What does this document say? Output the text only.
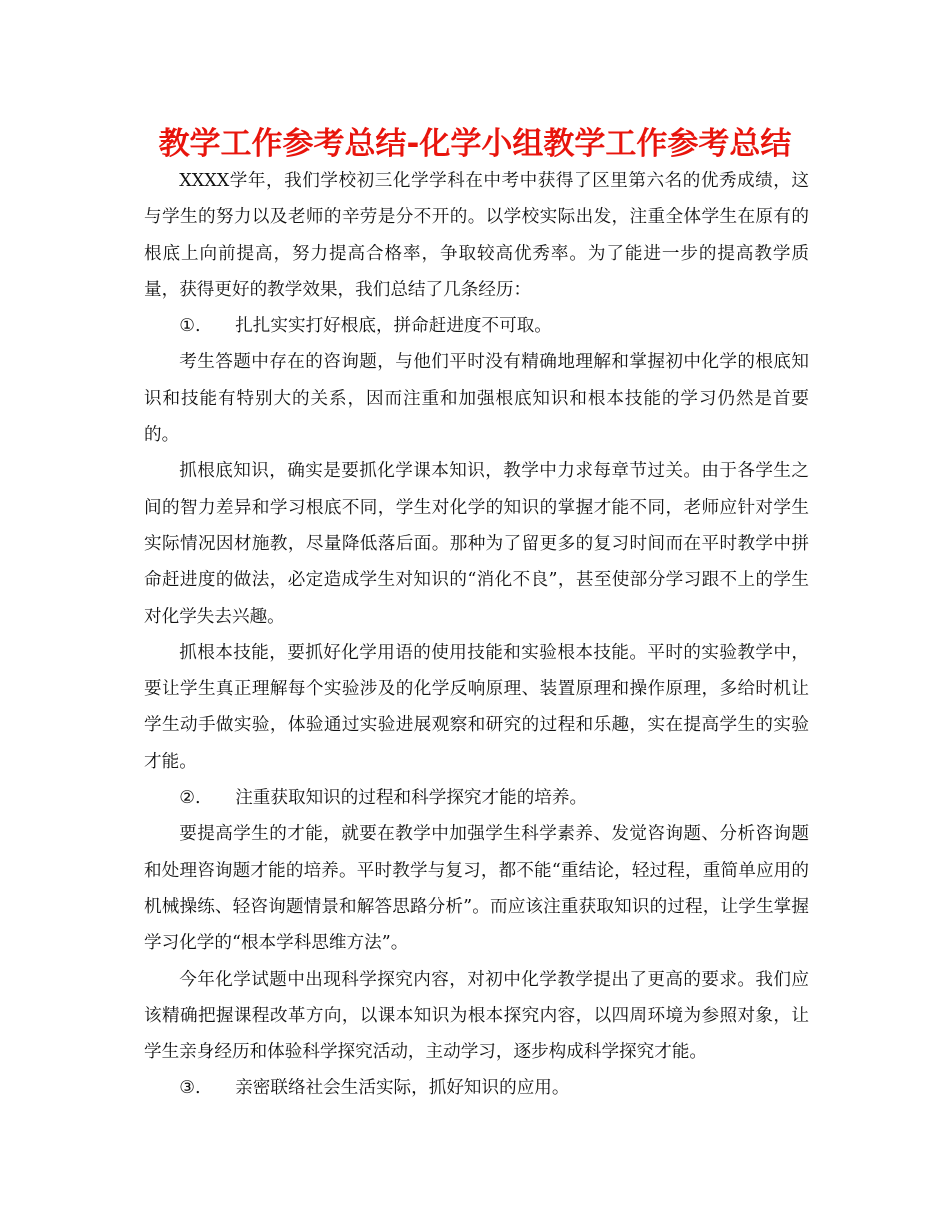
教学工作参考总结-化学小组教学工作参考总结

XXXX学年，我们学校初三化学学科在中考中获得了区里第六名的优秀成绩，这与学生的努力以及老师的辛劳是分不开的。以学校实际出发，注重全体学生在原有的根底上向前提高，努力提高合格率，争取较高优秀率。为了能进一步的提高教学质量，获得更好的教学效果，我们总结了几条经历：

①. 扎扎实实打好根底，拼命赶进度不可取。

考生答题中存在的咨询题，与他们平时没有精确地理解和掌握初中化学的根底知识和技能有特别大的关系，因而注重和加强根底知识和根本技能的学习仍然是首要的。

抓根底知识，确实是要抓化学课本知识，教学中力求每章节过关。由于各学生之间的智力差异和学习根底不同，学生对化学的知识的掌握才能不同，老师应针对学生实际情况因材施教，尽量降低落后面。那种为了留更多的复习时间而在平时教学中拼命赶进度的做法，必定造成学生对知识的“消化不良”，甚至使部分学习跟不上的学生对化学失去兴趣。

抓根本技能，要抓好化学用语的使用技能和实验根本技能。平时的实验教学中，要让学生真正理解每个实验涉及的化学反响原理、装置原理和操作原理，多给时机让学生动手做实验，体验通过实验进展观察和研究的过程和乐趣，实在提高学生的实验才能。

②. 注重获取知识的过程和科学探究才能的培养。

要提高学生的才能，就要在教学中加强学生科学素养、发觉咨询题、分析咨询题和处理咨询题才能的培养。平时教学与复习，都不能“重结论，轻过程，重简单应用的机械操练、轻咨询题情景和解答思路分析”。而应该注重获取知识的过程，让学生掌握学习化学的“根本学科思维方法”。

今年化学试题中出现科学探究内容，对初中化学教学提出了更高的要求。我们应该精确把握课程改革方向，以课本知识为根本探究内容，以四周环境为参照对象，让学生亲身经历和体验科学探究活动，主动学习，逐步构成科学探究才能。

③. 亲密联络社会生活实际，抓好知识的应用。
